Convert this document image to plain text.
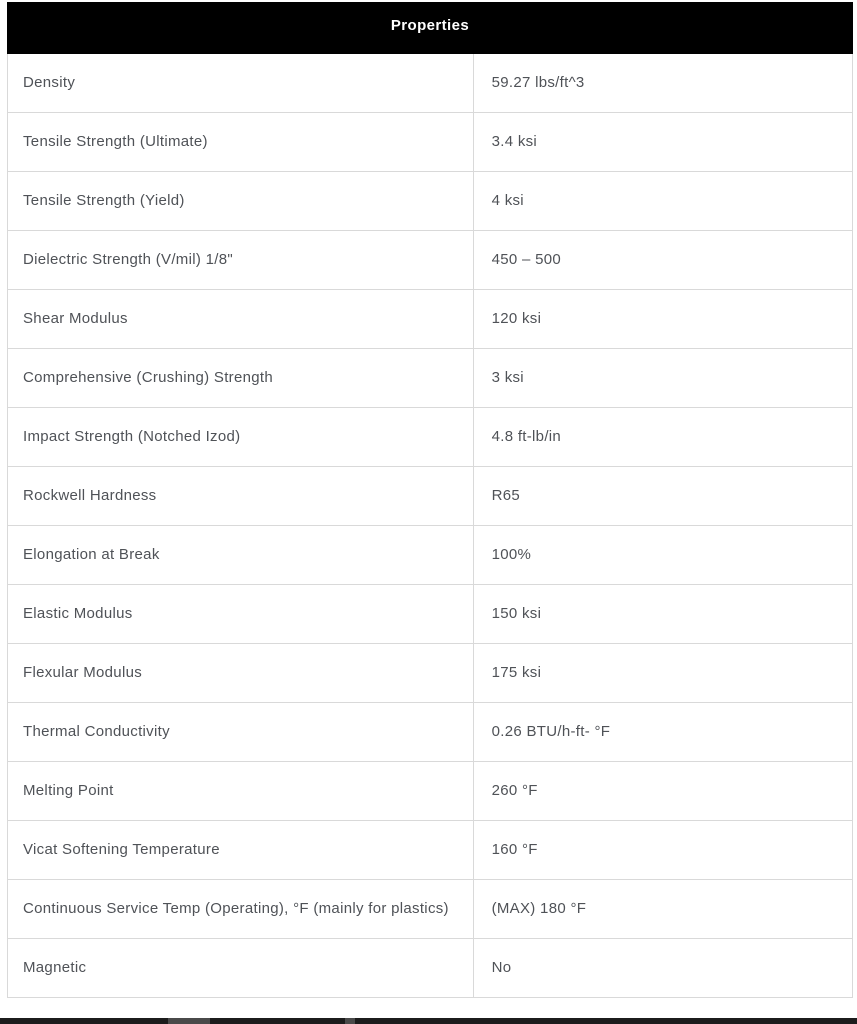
Properties	
Density	59.27 lbs/ft^3
Tensile Strength (Ultimate)	3.4 ksi
Tensile Strength (Yield)	4 ksi
Dielectric Strength (V/mil) 1/8"	450 – 500
Shear Modulus	120 ksi
Comprehensive (Crushing) Strength	3 ksi
Impact Strength (Notched Izod)	4.8 ft-lb/in
Rockwell Hardness	R65
Elongation at Break	100%
Elastic Modulus	150 ksi
Flexular Modulus	175 ksi
Thermal Conductivity	0.26 BTU/h-ft- °F
Melting Point	260 °F
Vicat Softening Temperature	160 °F
Continuous Service Temp (Operating), °F (mainly for plastics)	(MAX) 180 °F
Magnetic	No
